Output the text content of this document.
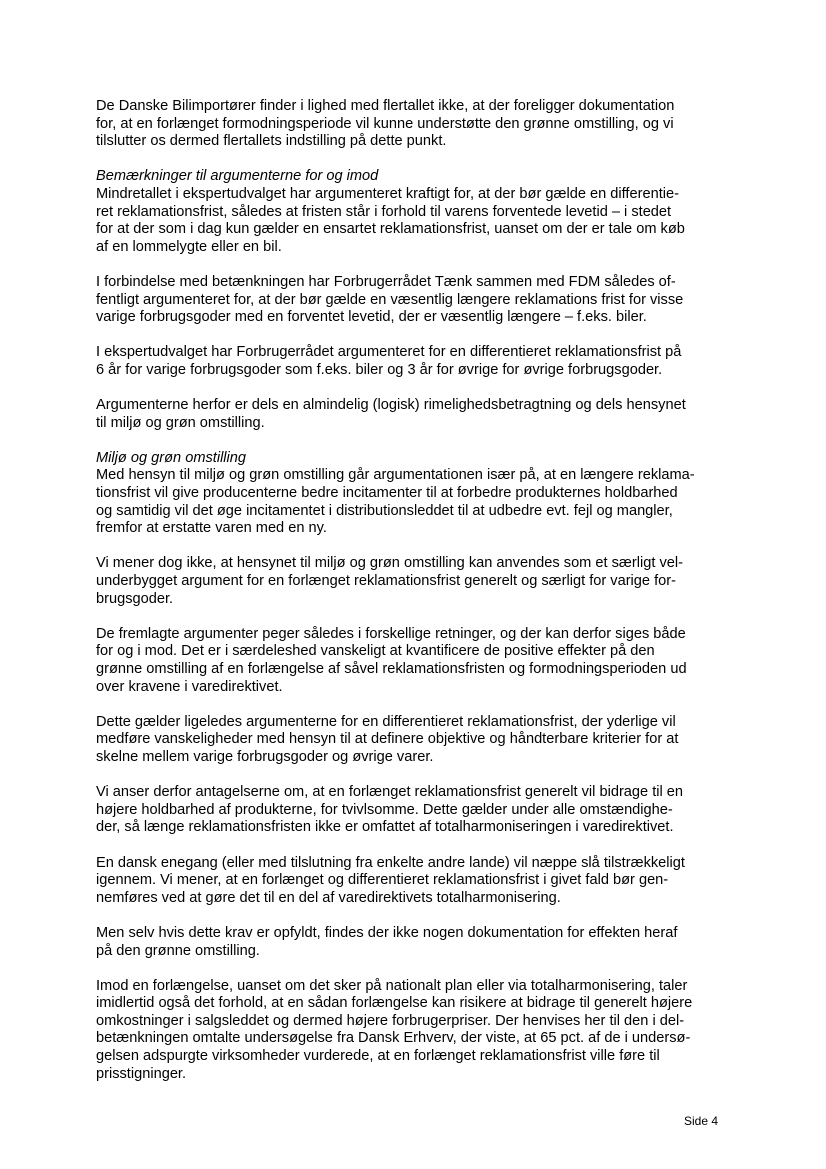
De Danske Bilimportører finder i lighed med flertallet ikke, at der foreligger dokumentation
for, at en forlænget formodningsperiode vil kunne understøtte den grønne omstilling, og vi
tilslutter os dermed flertallets indstilling på dette punkt.
Bemærkninger til argumenterne for og imod
Mindretallet i ekspertudvalget har argumenteret kraftigt for, at der bør gælde en differentie-
ret reklamationsfrist, således at fristen står i forhold til varens forventede levetid – i stedet
for at der som i dag kun gælder en ensartet reklamationsfrist, uanset om der er tale om køb
af en lommelygte eller en bil.
I forbindelse med betænkningen har Forbrugerrådet Tænk sammen med FDM således of-
fentligt argumenteret for, at der bør gælde en væsentlig længere reklamations frist for visse
varige forbrugsgoder med en forventet levetid, der er væsentlig længere – f.eks. biler.
I ekspertudvalget har Forbrugerrådet argumenteret for en differentieret reklamationsfrist på
6 år for varige forbrugsgoder som f.eks. biler og 3 år for øvrige for øvrige forbrugsgoder.
Argumenterne herfor er dels en almindelig (logisk) rimelighedsbetragtning og dels hensynet
til miljø og grøn omstilling.
Miljø og grøn omstilling
Med hensyn til miljø og grøn omstilling går argumentationen især på, at en længere reklama-
tionsfrist vil give producenterne bedre incitamenter til at forbedre produkternes holdbarhed
og samtidig vil det øge incitamentet i distributionsleddet til at udbedre evt. fejl og mangler,
fremfor at erstatte varen med en ny.
Vi mener dog ikke, at hensynet til miljø og grøn omstilling kan anvendes som et særligt vel-
underbygget argument for en forlænget reklamationsfrist generelt og særligt for varige for-
brugsgoder.
De fremlagte argumenter peger således i forskellige retninger, og der kan derfor siges både
for og i mod. Det er i særdeleshed vanskeligt at kvantificere de positive effekter på den
grønne omstilling af en forlængelse af såvel reklamationsfristen og formodningsperioden ud
over kravene i varedirektivet.
Dette gælder ligeledes argumenterne for en differentieret reklamationsfrist, der yderlige vil
medføre vanskeligheder med hensyn til at definere objektive og håndterbare kriterier for at
skelne mellem varige forbrugsgoder og øvrige varer.
Vi anser derfor antagelserne om, at en forlænget reklamationsfrist generelt vil bidrage til en
højere holdbarhed af produkterne, for tvivlsomme. Dette gælder under alle omstændighe-
der, så længe reklamationsfristen ikke er omfattet af totalharmoniseringen i varedirektivet.
En dansk enegang (eller med tilslutning fra enkelte andre lande) vil næppe slå tilstrækkeligt
igennem. Vi mener, at en forlænget og differentieret reklamationsfrist i givet fald bør gen-
nemføres ved at gøre det til en del af varedirektivets totalharmonisering.
Men selv hvis dette krav er opfyldt, findes der ikke nogen dokumentation for effekten heraf
på den grønne omstilling.
Imod en forlængelse, uanset om det sker på nationalt plan eller via totalharmonisering, taler
imidlertid også det forhold, at en sådan forlængelse kan risikere at bidrage til generelt højere
omkostninger i salgsleddet og dermed højere forbrugerpriser. Der henvises her til den i del-
betænkningen omtalte undersøgelse fra Dansk Erhverv, der viste, at 65 pct. af de i undersø-
gelsen adspurgte virksomheder vurderede, at en forlænget reklamationsfrist ville føre til
prisstigninger.
Side 4
